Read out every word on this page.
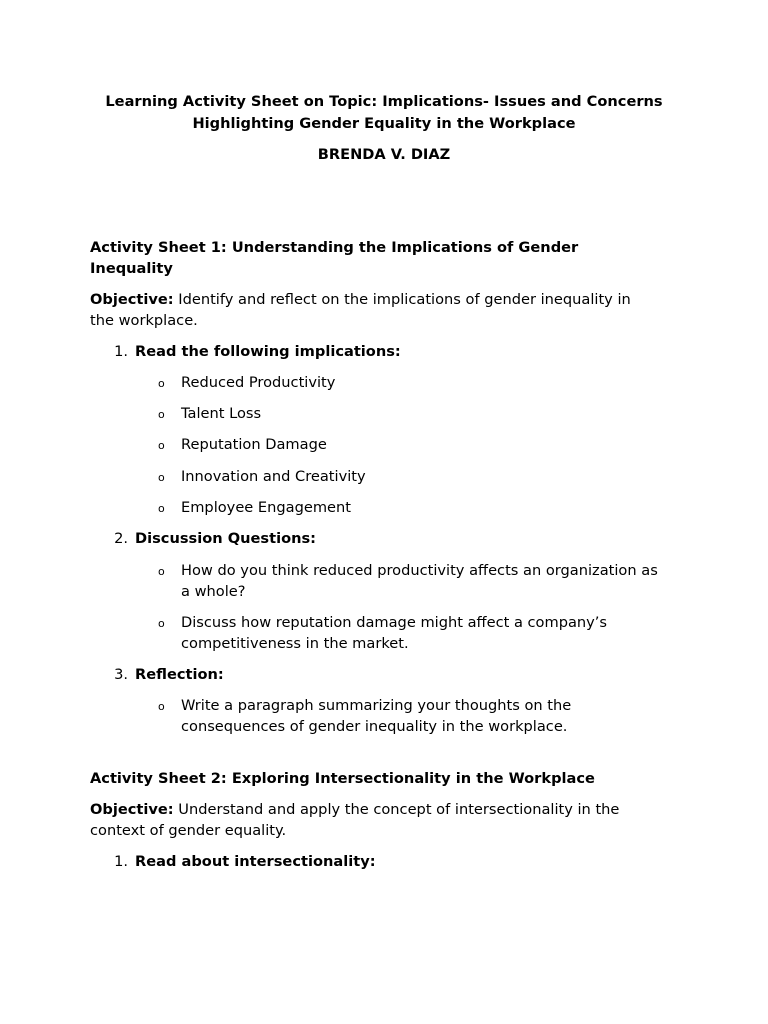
Learning Activity Sheet on Topic: Implications- Issues and Concerns
Highlighting Gender Equality in the Workplace
BRENDA V. DIAZ
Activity Sheet 1: Understanding the Implications of Gender
Inequality
Objective: Identify and reflect on the implications of gender inequality in
the workplace.
1. Read the following implications:
o Reduced Productivity
o Talent Loss
o Reputation Damage
o Innovation and Creativity
o Employee Engagement
2. Discussion Questions:
o How do you think reduced productivity affects an organization as
a whole?
o Discuss how reputation damage might affect a company’s
competitiveness in the market.
3. Reflection:
o Write a paragraph summarizing your thoughts on the
consequences of gender inequality in the workplace.
Activity Sheet 2: Exploring Intersectionality in the Workplace
Objective: Understand and apply the concept of intersectionality in the
context of gender equality.
1. Read about intersectionality:
